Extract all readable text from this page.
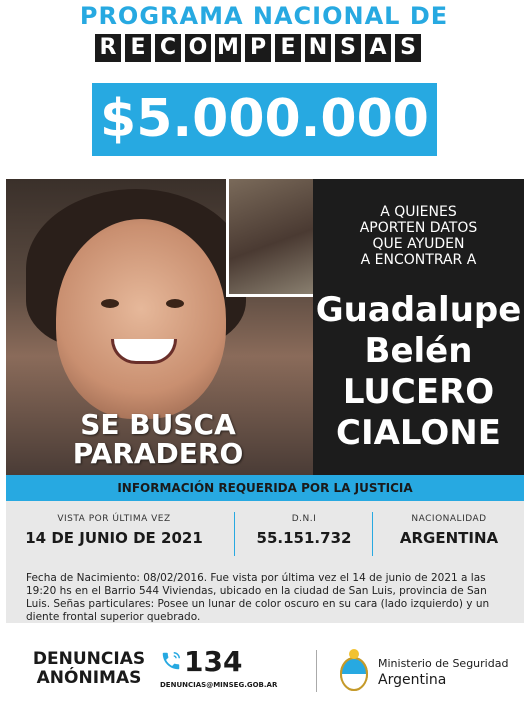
PROGRAMA NACIONAL DE
R E C O M P E N S A S
$5.000.000
SE BUSCA
PARADERO
A QUIENES
APORTEN DATOS
QUE AYUDEN
A ENCONTRAR A
Guadalupe
Belén
LUCERO
CIALONE
INFORMACIÓN REQUERIDA POR LA JUSTICIA
VISTA POR ÚLTIMA VEZ
14 DE JUNIO DE 2021
D.N.I
55.151.732
NACIONALIDAD
ARGENTINA
Fecha de Nacimiento: 08/02/2016. Fue vista por última vez el 14 de junio de 2021 a las 19:20 hs en el Barrio 544 Viviendas, ubicado en la ciudad de San Luis, provincia de San Luis. Señas particulares: Posee un lunar de color oscuro en su cara (lado izquierdo) y un diente frontal superior quebrado.
DENUNCIAS
ANÓNIMAS	134
DENUNCIAS@MINSEG.GOB.AR
Ministerio de Seguridad
Argentina
